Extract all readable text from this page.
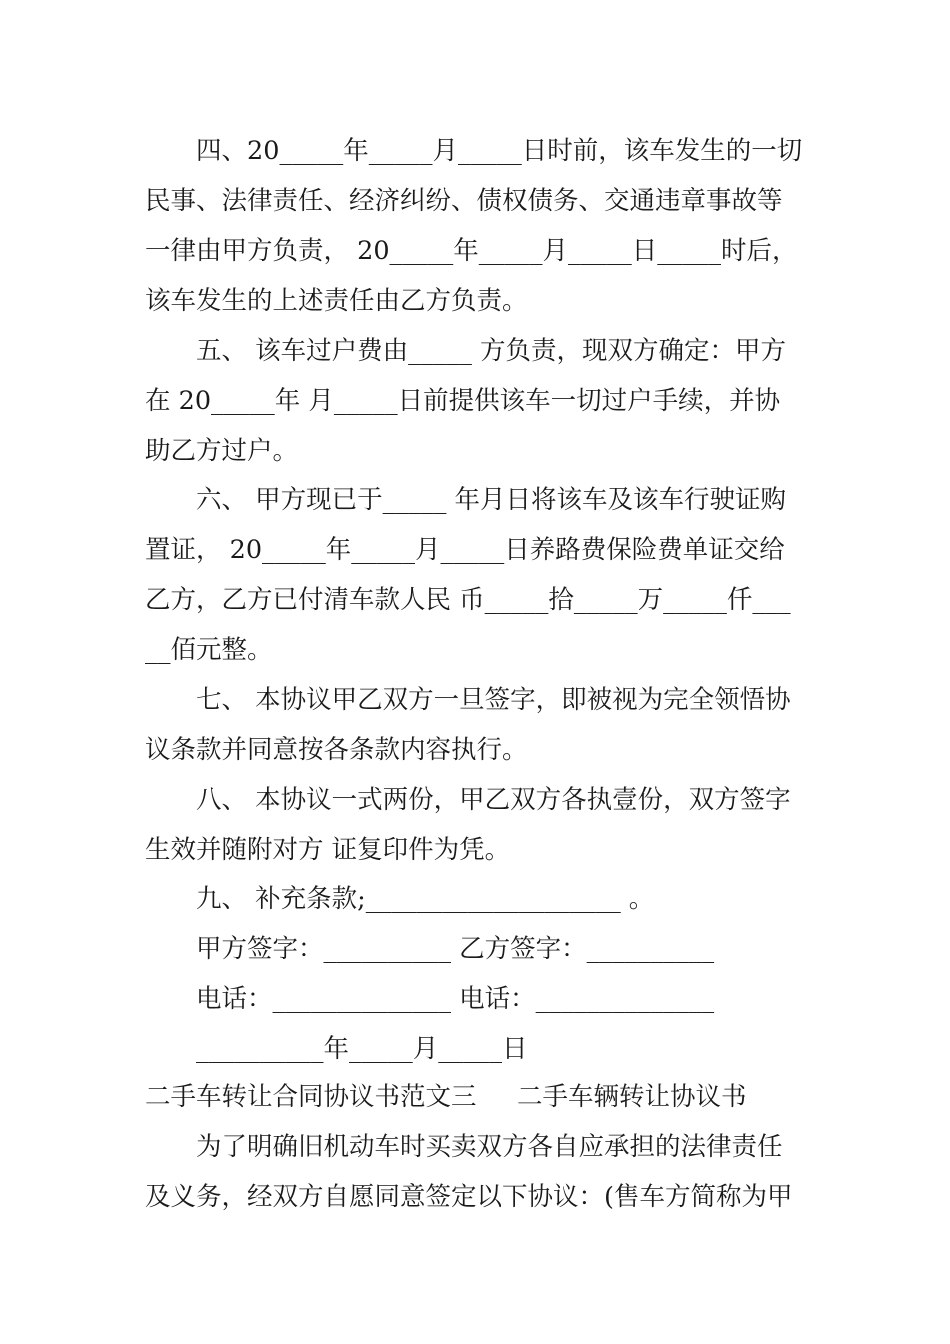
四、20_____年_____月_____日时前，该车发生的一切
民事、法律责任、经济纠纷、债权债务、交通违章事故等
一律由甲方负责， 20_____年_____月_____日_____时后，
该车发生的上述责任由乙方负责。
五、 该车过户费由_____ 方负责，现双方确定：甲方
在 20_____年 月_____日前提供该车一切过户手续，并协
助乙方过户。
六、 甲方现已于_____ 年月日将该车及该车行驶证购
置证， 20_____年_____月_____日养路费保险费单证交给
乙方，乙方已付清车款人民 币_____拾_____万_____仟___
__佰元整。
七、 本协议甲乙双方一旦签字，即被视为完全领悟协
议条款并同意按各条款内容执行。
八、 本协议一式两份，甲乙双方各执壹份，双方签字
生效并随附对方 证复印件为凭。
九、 补充条款;____________________ 。
甲方签字：__________ 乙方签字：__________
电话：______________ 电话：______________
__________年_____月_____日
二手车转让合同协议书范文三     二手车辆转让协议书
为了明确旧机动车时买卖双方各自应承担的法律责任
及义务，经双方自愿同意签定以下协议：(售车方简称为甲
